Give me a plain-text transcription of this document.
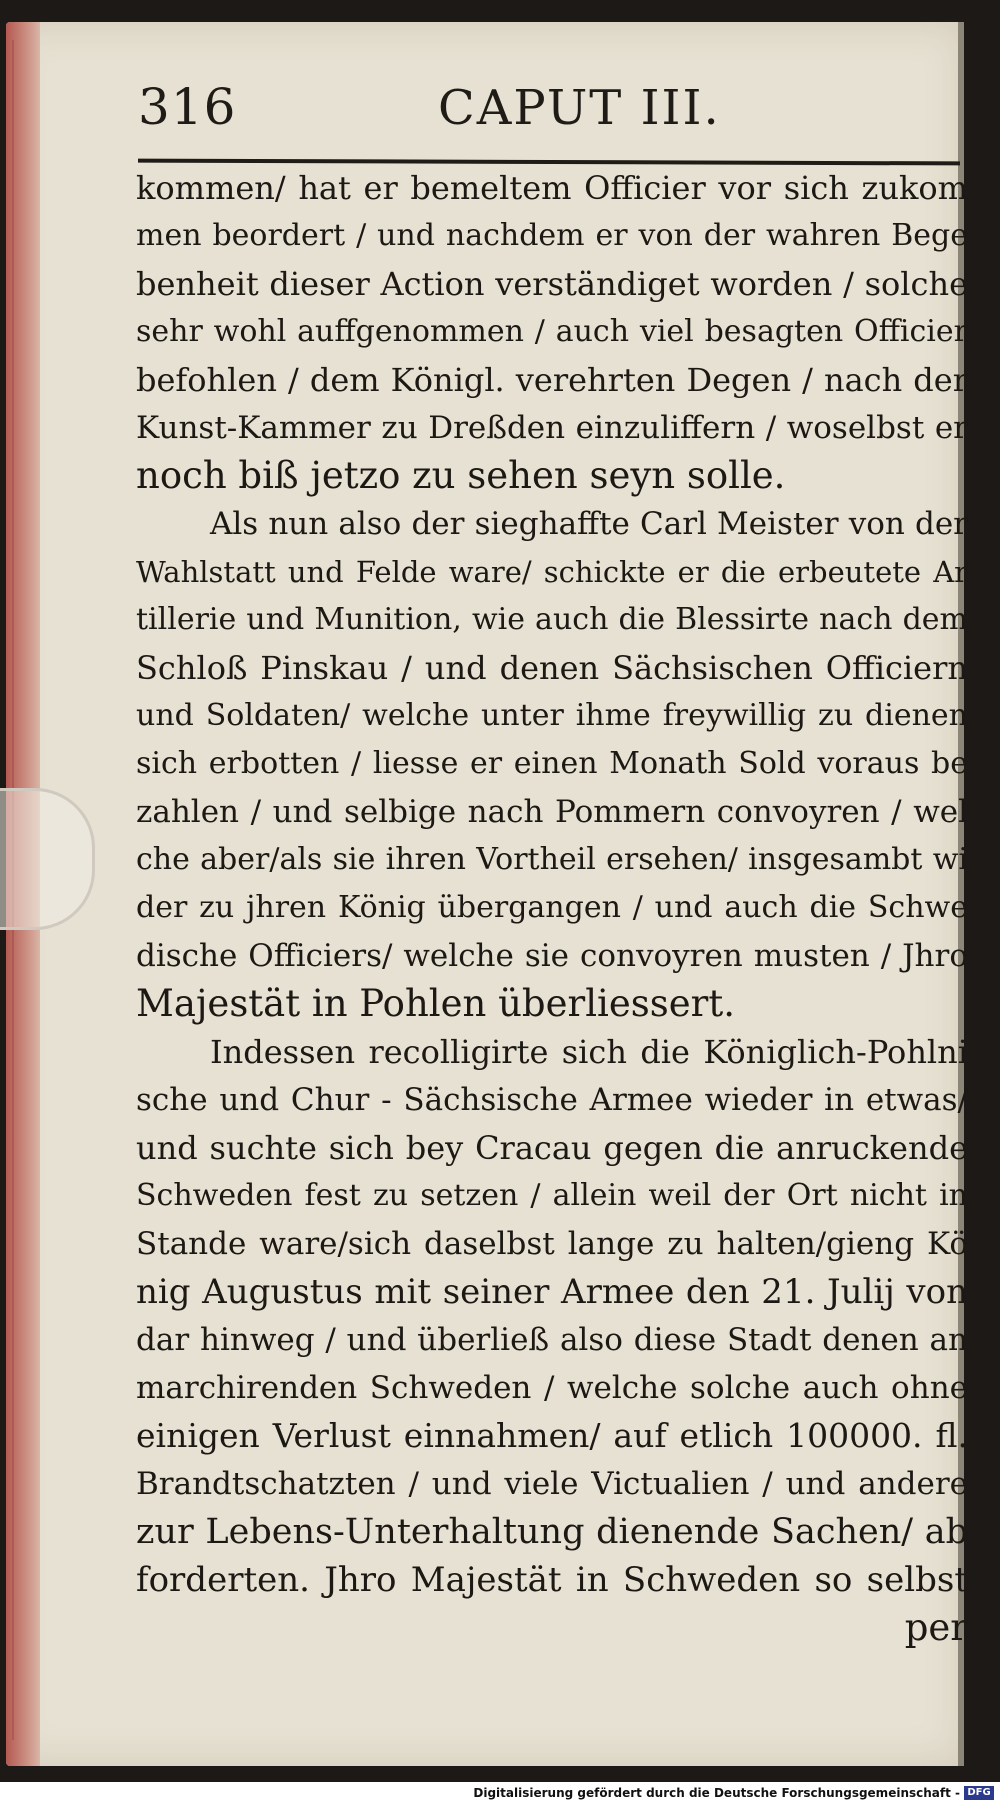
316	CAPUT III.
kommen/ hat er bemeltem Officier vor sich zukom
men beordert / und nachdem er von der wahren Bege
benheit dieser Action verständiget worden / solche
sehr wohl auffgenommen / auch viel besagten Officier
befohlen / dem Königl. verehrten Degen / nach der
Kunst-Kammer zu Dreßden einzuliffern / woselbst er
noch biß jetzo zu sehen seyn solle.
Als nun also der sieghaffte Carl Meister von der
Wahlstatt und Felde ware/ schickte er die erbeutete Ar
tillerie und Munition, wie auch die Blessirte nach dem
Schloß Pinskau / und denen Sächsischen Officiern
und Soldaten/ welche unter ihme freywillig zu dienen
sich erbotten / liesse er einen Monath Sold voraus be
zahlen / und selbige nach Pommern convoyren / wel
che aber/als sie ihren Vortheil ersehen/ insgesambt wi
der zu jhren König übergangen / und auch die Schwe
dische Officiers/ welche sie convoyren musten / Jhro
Majestät in Pohlen überliessert.
Indessen recolligirte sich die Königlich-Pohlni
sche und Chur - Sächsische Armee wieder in etwas/
und suchte sich bey Cracau gegen die anruckende
Schweden fest zu setzen / allein weil der Ort nicht in
Stande ware/sich daselbst lange zu halten/gieng Kö
nig Augustus mit seiner Armee den 21. Julij von
dar hinweg / und überließ also diese Stadt denen an
marchirenden Schweden / welche solche auch ohne
einigen Verlust einnahmen/ auf etlich 100000. fl.
Brandtschatzten / und viele Victualien / und andere
zur Lebens-Unterhaltung dienende Sachen/ ab
forderten. Jhro Majestät in Schweden so selbst
per
Digitalisierung gefördert durch die Deutsche Forschungsgemeinschaft - DFG
